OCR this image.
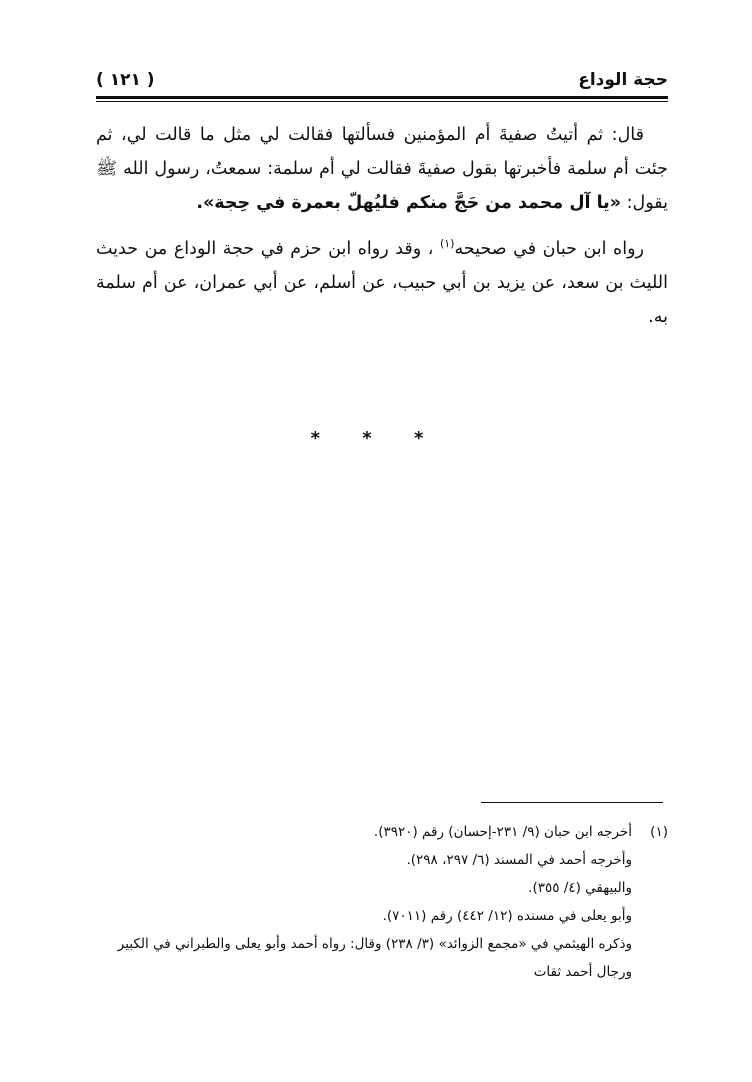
حجة الوداع
( ١٢١ )

قال: ثم أتيتُ صفيةَ أم المؤمنين فسألتها فقالت لي مثل ما قالت لي، ثم جئت أم سلمة فأخبرتها بقول صفيةَ فقالت لي أم سلمة: سمعتُ، رسول الله ﷺ يقول: «يا آل محمد من حَجَّ منكم فليُهلّ بعمرة في حِجة».

رواه ابن حبان في صحيحه$^{(١)}$ ، وقد رواه ابن حزم في حجة الوداع من حديث الليث بن سعد، عن يزيد بن أبي حبيب، عن أسلم، عن أبي عمران، عن أم سلمة به.

* * *
(١)
أخرجه ابن حبان (٩/ ٢٣١-إحسان) رقم (٣٩٢٠).
وأخرجه أحمد في المسند (٦/ ٢٩٧، ٢٩٨).
والبيهقي (٤/ ٣٥٥).
وأبو يعلى في مسنده (١٢/ ٤٤٢) رقم (٧٠١١).
وذكره الهيثمي في «مجمع الزوائد» (٣/ ٢٣٨) وقال: رواه أحمد وأبو يعلى والطبراني في الكبير ورجال أحمد ثقات
